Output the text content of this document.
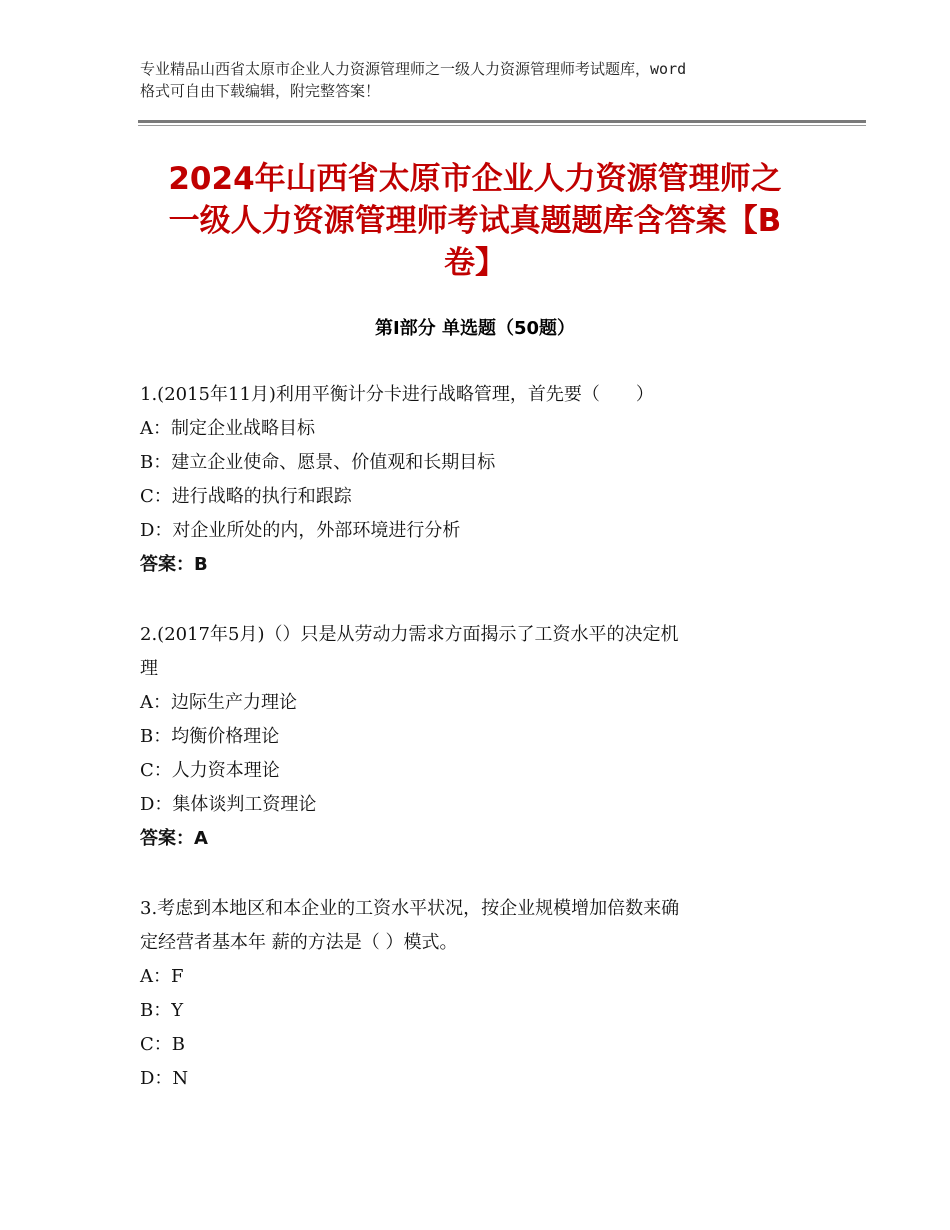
专业精品山西省太原市企业人力资源管理师之一级人力资源管理师考试题库，word
格式可自由下载编辑，附完整答案！
2024年山西省太原市企业人力资源管理师之
一级人力资源管理师考试真题题库含答案【B
卷】
第Ⅰ部分 单选题（50题）
1.(2015年11月)利用平衡计分卡进行战略管理，首先要（　　）
A：制定企业战略目标
B：建立企业使命、愿景、价值观和长期目标
C：进行战略的执行和跟踪
D：对企业所处的内，外部环境进行分析
答案：B
2.(2017年5月)（）只是从劳动力需求方面揭示了工资水平的决定机
理
A：边际生产力理论
B：均衡价格理论
C：人力资本理论
D：集体谈判工资理论
答案：A
3.考虑到本地区和本企业的工资水平状况，按企业规模增加倍数来确
定经营者基本年 薪的方法是（ ）模式。
A：F
B：Y
C：B
D：N
